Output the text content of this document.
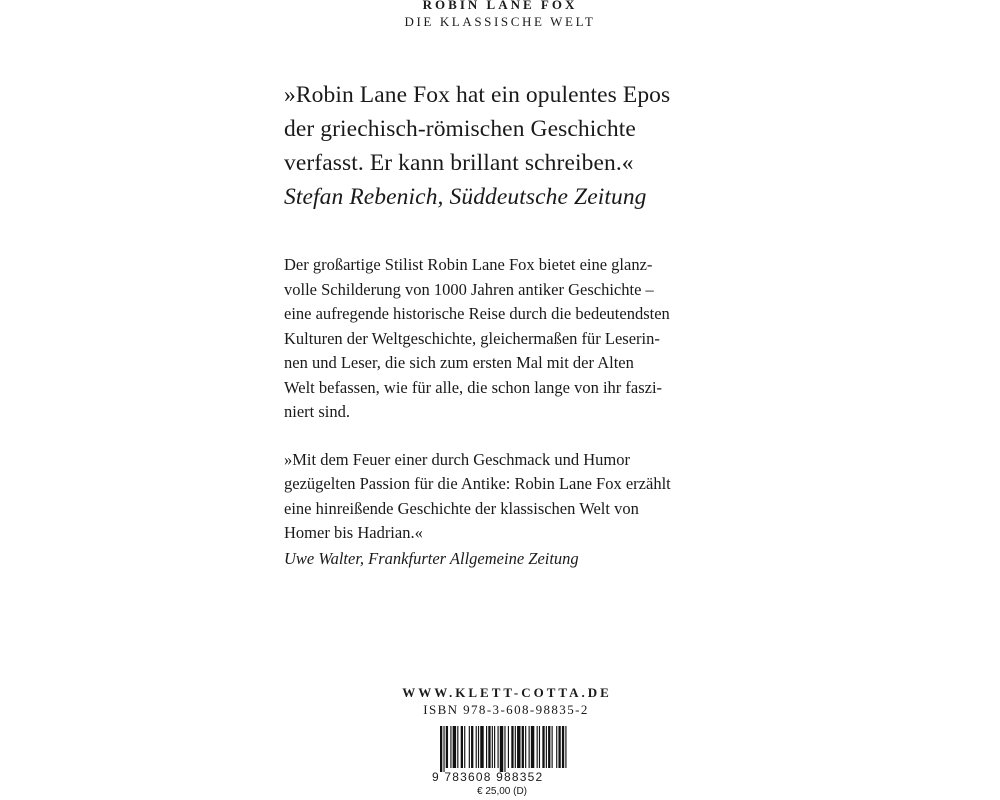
ROBIN LANE FOX
DIE KLASSISCHE WELT
»Robin Lane Fox hat ein opulentes Epos
der griechisch-römischen Geschichte
verfasst. Er kann brillant schreiben.«
Stefan Rebenich, Süddeutsche Zeitung
Der großartige Stilist Robin Lane Fox bietet eine glanz-
volle Schilderung von 1000 Jahren antiker Geschichte –
eine aufregende historische Reise durch die bedeutendsten
Kulturen der Weltgeschichte, gleichermaßen für Leserin-
nen und Leser, die sich zum ersten Mal mit der Alten
Welt befassen, wie für alle, die schon lange von ihr faszi-
niert sind.
»Mit dem Feuer einer durch Geschmack und Humor
gezügelten Passion für die Antike: Robin Lane Fox erzählt
eine hinreißende Geschichte der klassischen Welt von
Homer bis Hadrian.«
Uwe Walter, Frankfurter Allgemeine Zeitung
WWW.KLETT-COTTA.DE
ISBN 978-3-608-98835-2
9 783608 988352
€ 25,00 (D)
